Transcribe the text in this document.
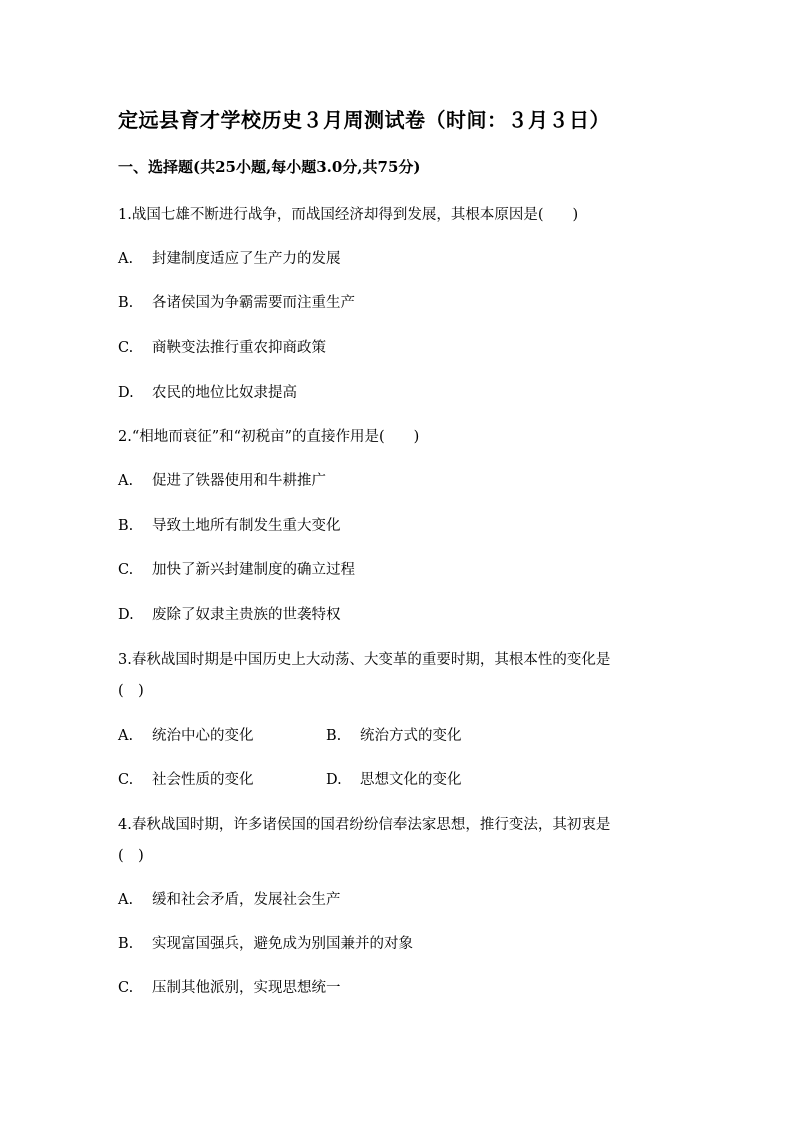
定远县育才学校历史３月周测试卷（时间：３月３日）
一、选择题(共25小题,每小题3.0分,共75分)
1.战国七雄不断进行战争，而战国经济却得到发展，其根本原因是(　　)
A. 封建制度适应了生产力的发展
B. 各诸侯国为争霸需要而注重生产
C. 商鞅变法推行重农抑商政策
D. 农民的地位比奴隶提高
2.“相地而衰征”和“初税亩”的直接作用是(　　)
A. 促进了铁器使用和牛耕推广
B. 导致土地所有制发生重大变化
C. 加快了新兴封建制度的确立过程
D. 废除了奴隶主贵族的世袭特权
3.春秋战国时期是中国历史上大动荡、大变革的重要时期，其根本性的变化是
(　)
A. 统治中心的变化	B. 统治方式的变化
C. 社会性质的变化	D. 思想文化的变化
4.春秋战国时期，许多诸侯国的国君纷纷信奉法家思想，推行变法，其初衷是
(　)
A. 缓和社会矛盾，发展社会生产
B. 实现富国强兵，避免成为别国兼并的对象
C. 压制其他派别，实现思想统一
